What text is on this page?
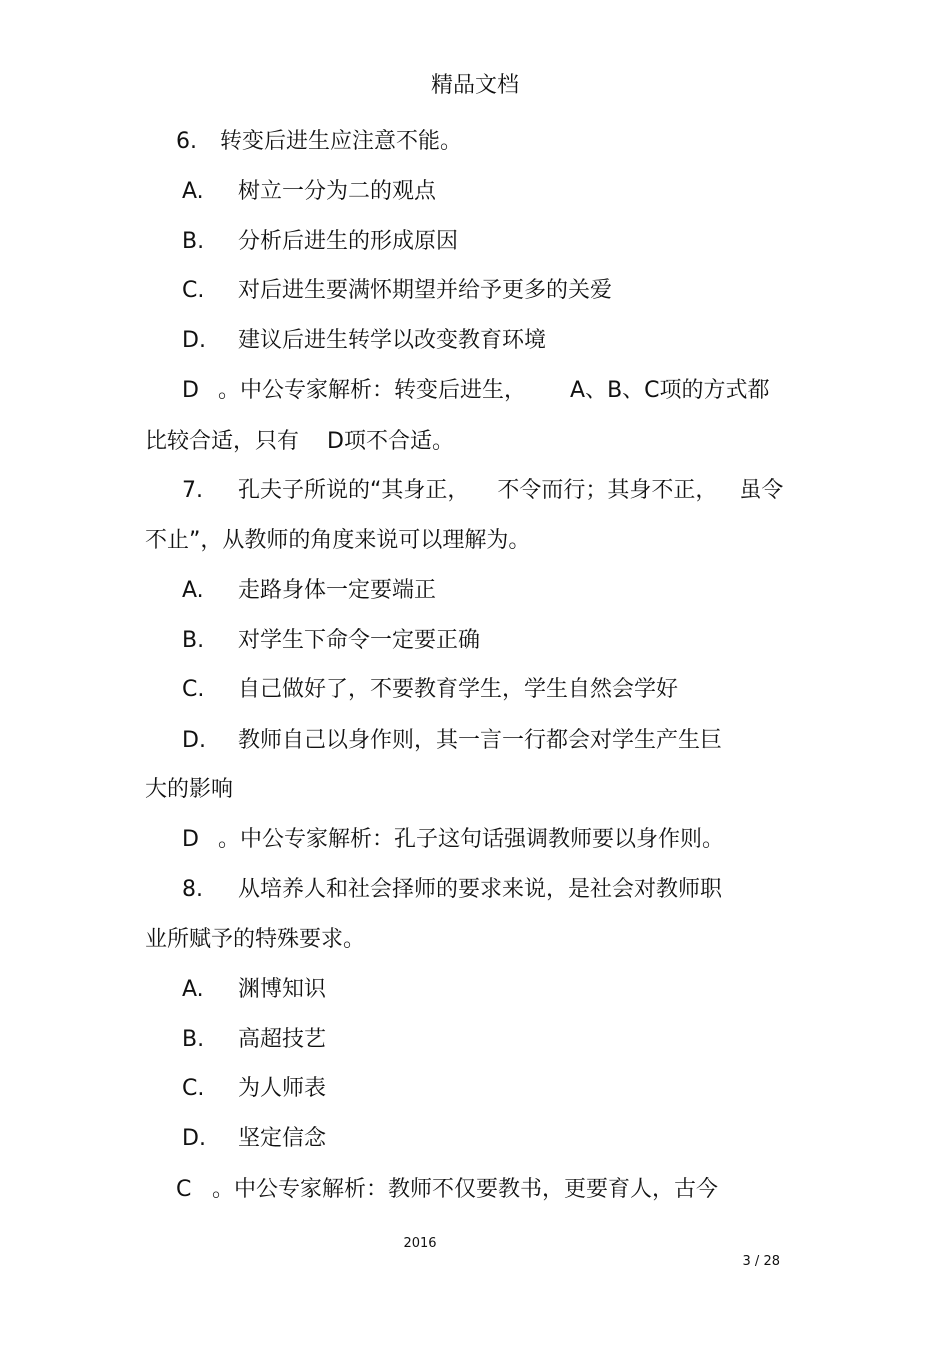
精品文档
6. 转变后进生应注意不能。
A. 树立一分为二的观点
B. 分析后进生的形成原因
C. 对后进生要满怀期望并给予更多的关爱
D. 建议后进生转学以改变教育环境
D 。中公专家解析：转变后进生， A、B、C项的方式都
比较合适，只有 D项不合适。
7. 孔夫子所说的“其身正， 不令而行；其身不正， 虽令
不止”，从教师的角度来说可以理解为。
A. 走路身体一定要端正
B. 对学生下命令一定要正确
C. 自己做好了，不要教育学生，学生自然会学好
D. 教师自己以身作则，其一言一行都会对学生产生巨
大的影响
D 。中公专家解析：孔子这句话强调教师要以身作则。
8. 从培养人和社会择师的要求来说，是社会对教师职
业所赋予的特殊要求。
A. 渊博知识
B. 高超技艺
C. 为人师表
D. 坚定信念
C 。中公专家解析：教师不仅要教书，更要育人，古今
2016
3 / 28
